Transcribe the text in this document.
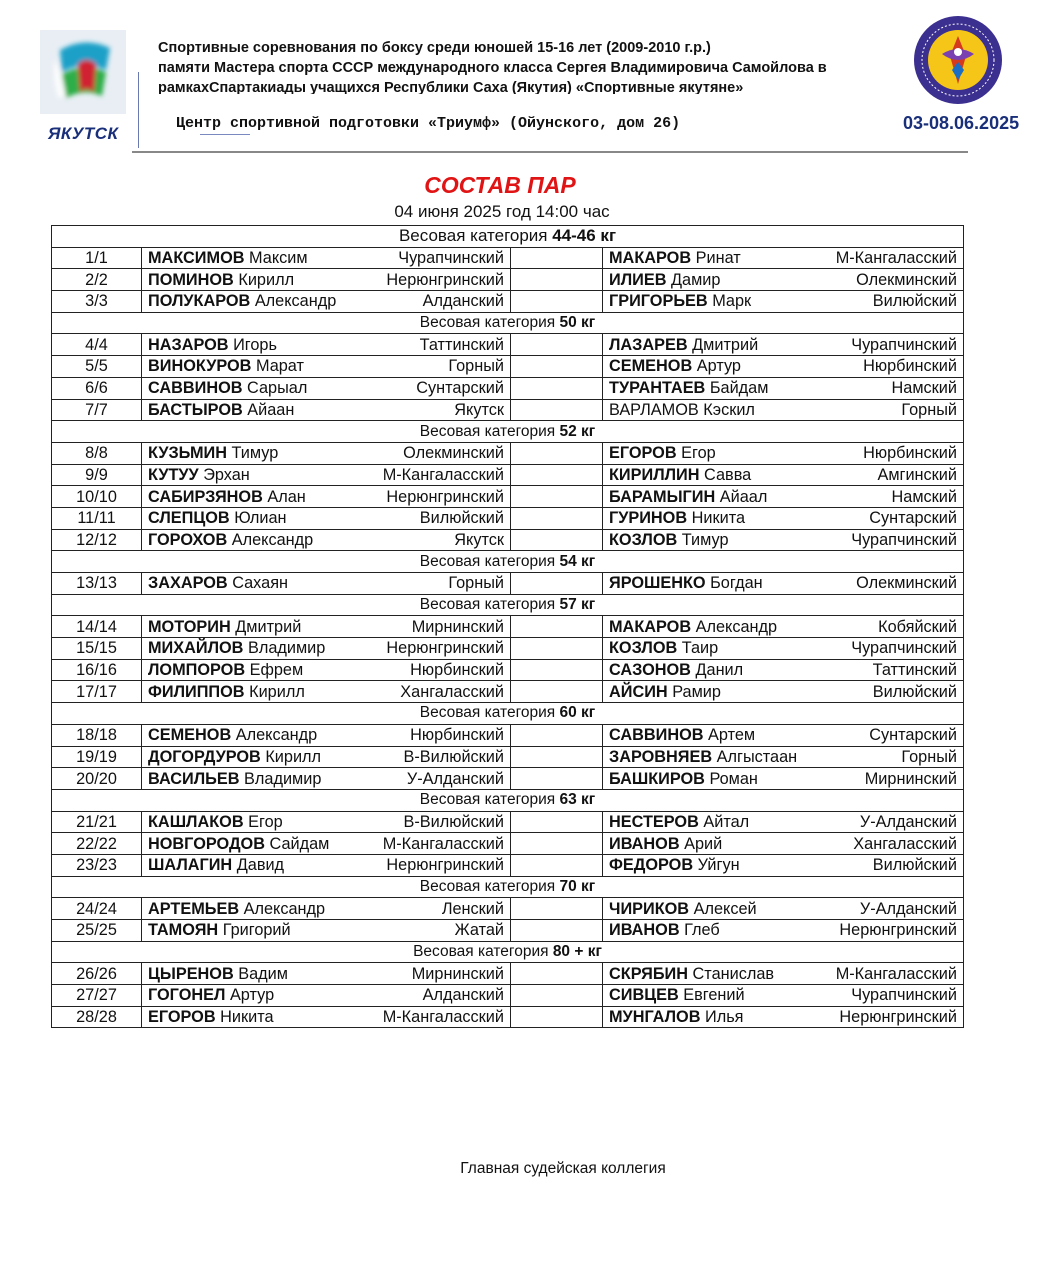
ЯКУТСК
Спортивные соревнования по боксу среди юношей 15-16 лет (2009-2010 г.р.)
памяти Мастера спорта СССР международного класса Сергея Владимировича Самойлова в
рамкахСпартакиады учащихся Республики Саха (Якутия) «Спортивные якутяне»
Центр спортивной подготовки «Триумф» (Ойунского, дом 26)	03-08.06.2025
СОСТАВ ПАР
04 июня 2025 год 14:00 час
Весовая категория 44-46 кг					
1/1	МАКСИМОВ Максим	Чурапчинский		МАКАРОВ Ринат	М-Кангаласский
2/2	ПОМИНОВ Кирилл	Нерюнгринский		ИЛИЕВ Дамир	Олекминский
3/3	ПОЛУКАРОВ Александр	Алданский		ГРИГОРЬЕВ Марк	Вилюйский
Весовая категория 50 кг					
4/4	НАЗАРОВ Игорь	Таттинский		ЛАЗАРЕВ Дмитрий	Чурапчинский
5/5	ВИНОКУРОВ Марат	Горный		СЕМЕНОВ Артур	Нюрбинский
6/6	САВВИНОВ Сарыал	Сунтарский		ТУРАНТАЕВ Байдам	Намский
7/7	БАСТЫРОВ Айаан	Якутск		ВАРЛАМОВ Кэскил	Горный
Весовая категория 52 кг					
8/8	КУЗЬМИН Тимур	Олекминский		ЕГОРОВ Егор	Нюрбинский
9/9	КУТУУ Эрхан	М-Кангаласский		КИРИЛЛИН Савва	Амгинский
10/10	САБИРЗЯНОВ Алан	Нерюнгринский		БАРАМЫГИН Айаал	Намский
11/11	СЛЕПЦОВ Юлиан	Вилюйский		ГУРИНОВ Никита	Сунтарский
12/12	ГОРОХОВ Александр	Якутск		КОЗЛОВ Тимур	Чурапчинский
Весовая категория 54 кг					
13/13	ЗАХАРОВ Сахаян	Горный		ЯРОШЕНКО Богдан	Олекминский
Весовая категория 57 кг					
14/14	МОТОРИН Дмитрий	Мирнинский		МАКАРОВ Александр	Кобяйский
15/15	МИХАЙЛОВ Владимир	Нерюнгринский		КОЗЛОВ Таир	Чурапчинский
16/16	ЛОМПОРОВ Ефрем	Нюрбинский		САЗОНОВ Данил	Таттинский
17/17	ФИЛИППОВ Кирилл	Хангаласский		АЙСИН Рамир	Вилюйский
Весовая категория 60 кг					
18/18	СЕМЕНОВ Александр	Нюрбинский		САВВИНОВ Артем	Сунтарский
19/19	ДОГОРДУРОВ Кирилл	В-Вилюйский		ЗАРОВНЯЕВ Алгыстаан	Горный
20/20	ВАСИЛЬЕВ Владимир	У-Алданский		БАШКИРОВ Роман	Мирнинский
Весовая категория 63 кг					
21/21	КАШЛАКОВ Егор	В-Вилюйский		НЕСТЕРОВ Айтал	У-Алданский
22/22	НОВГОРОДОВ Сайдам	М-Кангаласский		ИВАНОВ Арий	Хангаласский
23/23	ШАЛАГИН Давид	Нерюнгринский		ФЕДОРОВ Уйгун	Вилюйский
Весовая категория 70 кг					
24/24	АРТЕМЬЕВ Александр	Ленский		ЧИРИКОВ Алексей	У-Алданский
25/25	ТАМОЯН Григорий	Жатай		ИВАНОВ Глеб	Нерюнгринский
Весовая категория 80 + кг					
26/26	ЦЫРЕНОВ Вадим	Мирнинский		СКРЯБИН Станислав	М-Кангаласский
27/27	ГОГОНЕЛ Артур	Алданский		СИВЦЕВ Евгений	Чурапчинский
28/28	ЕГОРОВ Никита	М-Кангаласский		МУНГАЛОВ Илья	Нерюнгринский
Главная судейская коллегия
